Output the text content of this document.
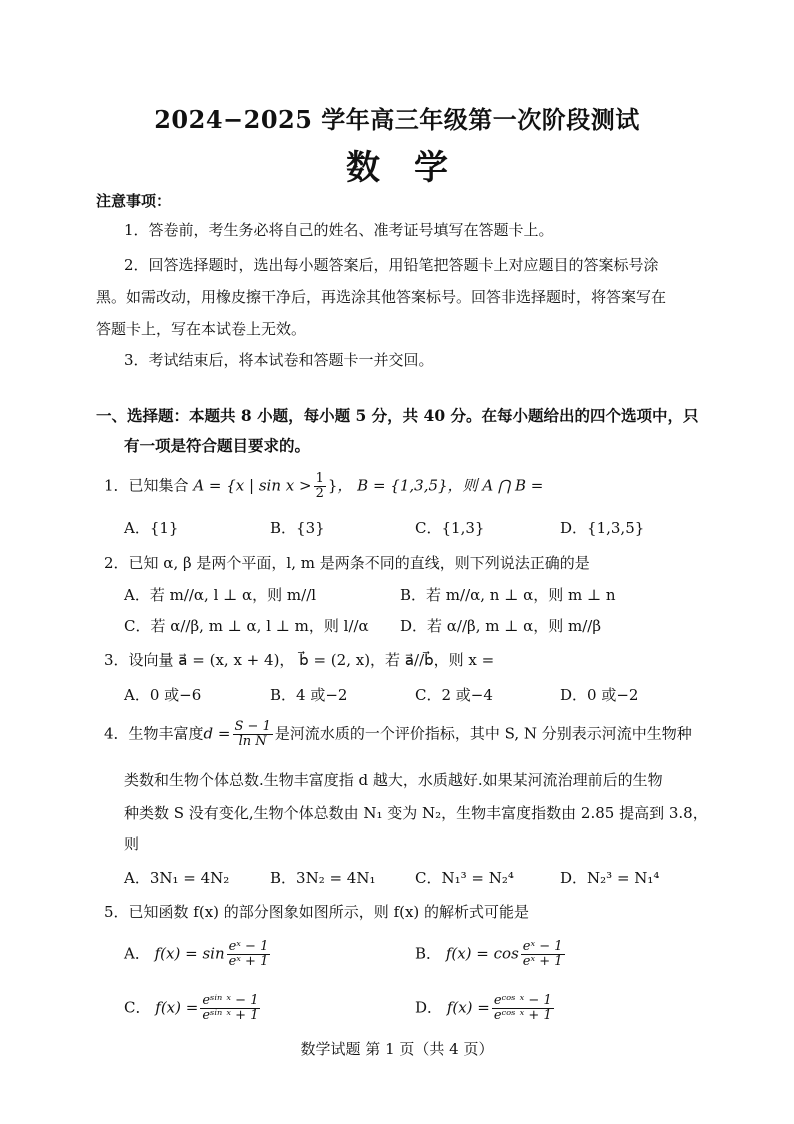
2024−2025 学年高三年级第一次阶段测试
数学
注意事项：
1．答卷前，考生务必将自己的姓名、准考证号填写在答题卡上。
2．回答选择题时，选出每小题答案后，用铅笔把答题卡上对应题目的答案标号涂
黑。如需改动，用橡皮擦干净后，再选涂其他答案标号。回答非选择题时，将答案写在
答题卡上，写在本试卷上无效。
3．考试结束后，将本试卷和答题卡一并交回。
一、选择题：本题共 8 小题，每小题 5 分，共 40 分。在每小题给出的四个选项中，只
有一项是符合题目要求的。
1．已知集合 A = {x | $\sin x > \frac{1}{2}$ }， B = {1,3,5}，则 A ⋂ B =
A．{1}	B．{3}	C．{1,3}	D．{1,3,5}
2．已知 α, β 是两个平面，l, m 是两条不同的直线，则下列说法正确的是
A．若 m//α, l ⊥ α，则 m//l	B．若 m//α, n ⊥ α，则 m ⊥ n
C．若 α//β, m ⊥ α, l ⊥ m，则 l//α D．若 α//β, m ⊥ α，则 m//β
3．设向量 a⃗ = (x, x + 4)， b⃗ = (2, x)，若 a⃗//b⃗，则 x =
A．0 或−6	B．4 或−2	C．2 或−4	D．0 或−2
4．生物丰富度$d = \frac{S - 1}{\text{ln N}}$ 是河流水质的一个评价指标，其中 S, N 分别表示河流中生物种
类数和生物个体总数.生物丰富度指 d 越大，水质越好.如果某河流治理前后的生物
种类数 S 没有变化,生物个体总数由 N₁ 变为 N₂，生物丰富度指数由 2.85 提高到 3.8，
则
A．3N₁ = 4N₂	B．3N₂ = 4N₁	C．N₁³ = N₂⁴	D．N₂³ = N₁⁴
5．已知函数 f(x) 的部分图象如图所示，则 f(x) 的解析式可能是
A． $f(x) = \sin \frac{\text{eˣ − 1}}{\text{eˣ + 1}}$	B． $f(x) = \cos \frac{\text{eˣ − 1}}{\text{eˣ + 1}}$
C． $f(x) = \frac{\text{eˢⁱⁿ ˣ − 1}}{\text{eˢⁱⁿ ˣ + 1}}$	D． $f(x) = \frac{\text{eᶜᵒˢ ˣ − 1}}{\text{eᶜᵒˢ ˣ + 1}}$
数学试题 第 1 页（共 4 页）
